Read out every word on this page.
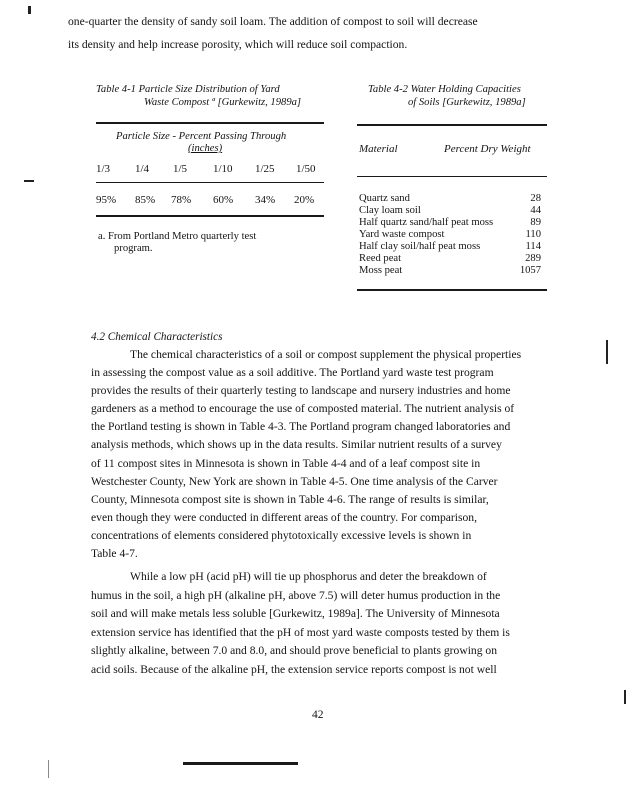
one-quarter the density of sandy soil loam. The addition of compost to soil will decrease
its density and help increase porosity, which will reduce soil compaction.
Table 4-1 Particle Size Distribution of Yard
Waste Compost ª [Gurkewitz, 1989a]
Particle Size - Percent Passing Through
(inches)
1/3 1/4 1/5 1/10 1/25 1/50
95% 85% 78% 60% 34% 20%
a. From Portland Metro quarterly test
program.
Table 4-2 Water Holding Capacities
of Soils [Gurkewitz, 1989a]
Material	Percent Dry Weight
Quartz sand	28
Clay loam soil	44
Half quartz sand/half peat moss	89
Yard waste compost	110
Half clay soil/half peat moss	114
Reed peat	289
Moss peat	1057
4.2 Chemical Characteristics
The chemical characteristics of a soil or compost supplement the physical properties
in assessing the compost value as a soil additive. The Portland yard waste test program
provides the results of their quarterly testing to landscape and nursery industries and home
gardeners as a method to encourage the use of composted material. The nutrient analysis of
the Portland testing is shown in Table 4-3. The Portland program changed laboratories and
analysis methods, which shows up in the data results. Similar nutrient results of a survey
of 11 compost sites in Minnesota is shown in Table 4-4 and of a leaf compost site in
Westchester County, New York are shown in Table 4-5. One time analysis of the Carver
County, Minnesota compost site is shown in Table 4-6. The range of results is similar,
even though they were conducted in different areas of the country. For comparison,
concentrations of elements considered phytotoxically excessive levels is shown in
Table 4-7.
While a low pH (acid pH) will tie up phosphorus and deter the breakdown of
humus in the soil, a high pH (alkaline pH, above 7.5) will deter humus production in the
soil and will make metals less soluble [Gurkewitz, 1989a]. The University of Minnesota
extension service has identified that the pH of most yard waste composts tested by them is
slightly alkaline, between 7.0 and 8.0, and should prove beneficial to plants growing on
acid soils. Because of the alkaline pH, the extension service reports compost is not well
42
